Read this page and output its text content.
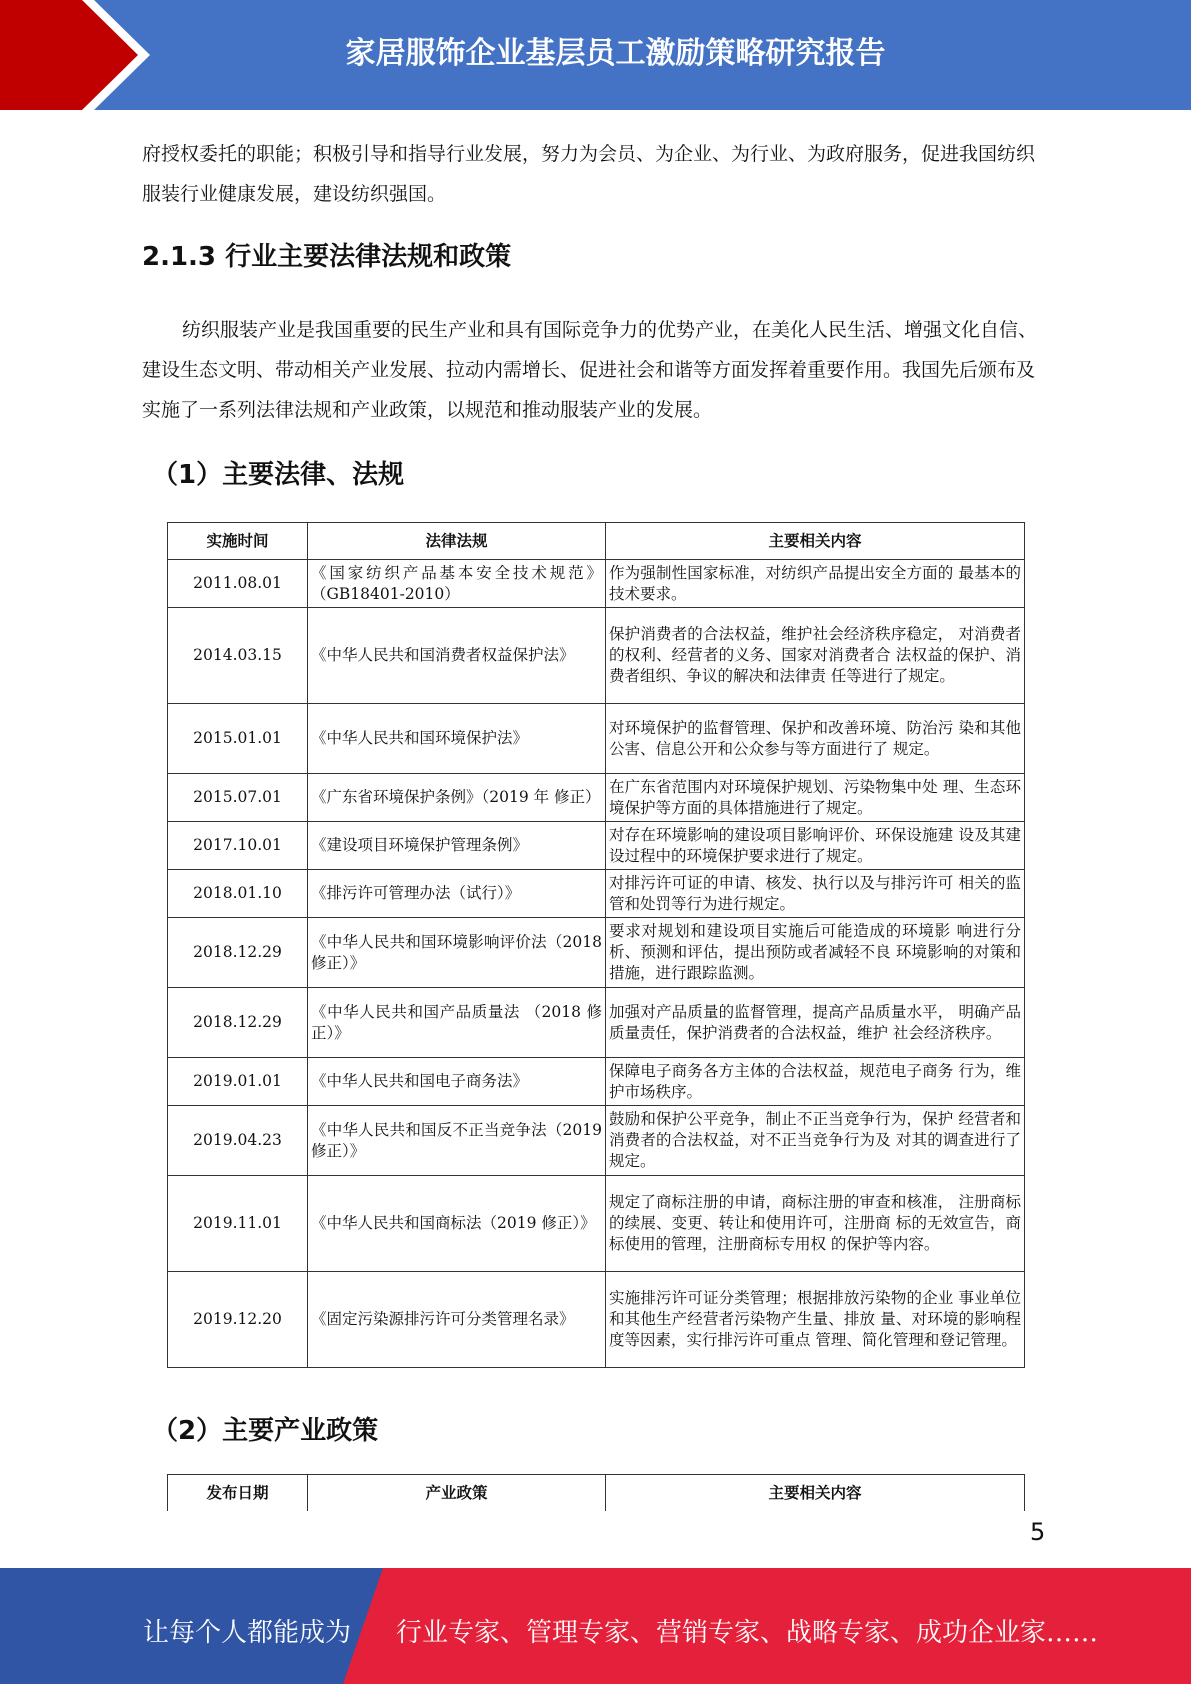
家居服饰企业基层员工激励策略研究报告

府授权委托的职能；积极引导和指导行业发展，努力为会员、为企业、为行业、为政府服务，促进我国纺织服装行业健康发展，建设纺织强国。

2.1.3 行业主要法律法规和政策

纺织服装产业是我国重要的民生产业和具有国际竞争力的优势产业，在美化人民生活、增强文化自信、建设生态文明、带动相关产业发展、拉动内需增长、促进社会和谐等方面发挥着重要作用。我国先后颁布及实施了一系列法律法规和产业政策，以规范和推动服装产业的发展。

（1）主要法律、法规
实施时间	法律法规	主要相关内容
2011.08.01	《国家纺织产品基本安全技术规范》（GB18401-2010）	作为强制性国家标准，对纺织产品提出安全方面的 最基本的技术要求。
2014.03.15	《中华人民共和国消费者权益保护法》	保护消费者的合法权益，维护社会经济秩序稳定， 对消费者的权利、经营者的义务、国家对消费者合 法权益的保护、消费者组织、争议的解决和法律责 任等进行了规定。
2015.01.01	《中华人民共和国环境保护法》	对环境保护的监督管理、保护和改善环境、防治污 染和其他公害、信息公开和公众参与等方面进行了 规定。
2015.07.01	《广东省环境保护条例》（2019 年 修正）	在广东省范围内对环境保护规划、污染物集中处 理、生态环境保护等方面的具体措施进行了规定。
2017.10.01	《建设项目环境保护管理条例》	对存在环境影响的建设项目影响评价、环保设施建 设及其建设过程中的环境保护要求进行了规定。
2018.01.10	《排污许可管理办法（试行）》	对排污许可证的申请、核发、执行以及与排污许可 相关的监管和处罚等行为进行规定。
2018.12.29	《中华人民共和国环境影响评价法（2018 修正）》	要求对规划和建设项目实施后可能造成的环境影 响进行分析、预测和评估，提出预防或者减轻不良 环境影响的对策和措施，进行跟踪监测。
2018.12.29	《中华人民共和国产品质量法 （2018 修正）》	加强对产品质量的监督管理，提高产品质量水平， 明确产品质量责任，保护消费者的合法权益，维护 社会经济秩序。
2019.01.01	《中华人民共和国电子商务法》	保障电子商务各方主体的合法权益，规范电子商务 行为，维护市场秩序。
2019.04.23	《中华人民共和国反不正当竞争法（2019 修正）》	鼓励和保护公平竞争，制止不正当竞争行为，保护 经营者和消费者的合法权益，对不正当竞争行为及 对其的调查进行了规定。
2019.11.01	《中华人民共和国商标法（2019 修正）》	规定了商标注册的申请，商标注册的审查和核准， 注册商标的续展、变更、转让和使用许可，注册商 标的无效宣告，商标使用的管理，注册商标专用权 的保护等内容。
2019.12.20	《固定污染源排污许可分类管理名录》	实施排污许可证分类管理；根据排放污染物的企业 事业单位和其他生产经营者污染物产生量、排放 量、对环境的影响程度等因素，实行排污许可重点 管理、简化管理和登记管理。
（2）主要产业政策
发布日期	产业政策	主要相关内容
5
让每个人都能成为 行业专家、管理专家、营销专家、战略专家、成功企业家……
